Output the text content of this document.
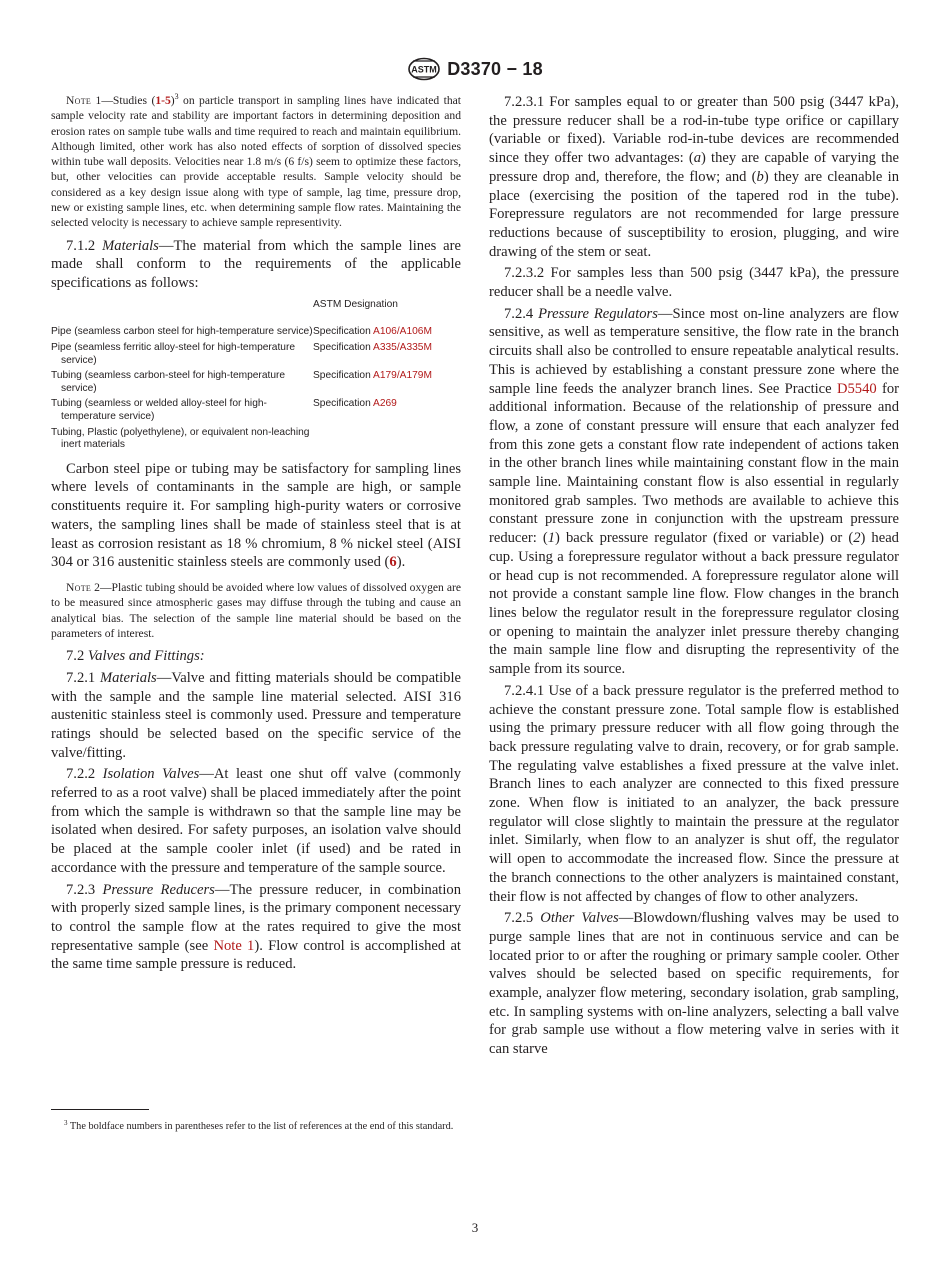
ASTM D3370 − 18

Note 1—Studies $(1-5)^3$ on particle transport in sampling lines have indicated that sample velocity rate and stability are important factors in determining deposition and erosion rates on sample tube walls and time required to reach and maintain equilibrium. Although limited, other work has also noted effects of sorption of dissolved species within tube wall deposits. Velocities near 1.8 m/s (6 f/s) seem to optimize these factors, but, other velocities can provide acceptable results. Sample velocity should be considered as a key design issue along with type of sample, lag time, pressure drop, new or existing sample lines, etc. when determining sample flow rates. Maintaining the selected velocity is necessary to achieve sample representivity.

7.1.2 Materials—The material from which the sample lines are made shall conform to the requirements of the applicable specifications as follows:

ASTM Designation
Pipe (seamless carbon steel for high-temperature service) Specification A106/A106M
Pipe (seamless ferritic alloy-steel for high-temperature service)
Specification A335/A335M
Tubing (seamless carbon-steel for high-temperature service)
Specification A179/A179M
Tubing (seamless or welded alloy-steel for high-temperature service)
Specification A269
Tubing, Plastic (polyethylene), or equivalent non-leaching inert materials

Carbon steel pipe or tubing may be satisfactory for sampling lines where levels of contaminants in the sample are high, or sample constituents require it. For sampling high-purity waters or corrosive waters, the sampling lines shall be made of stainless steel that is at least as corrosion resistant as 18 % chromium, 8 % nickel steel (AISI 304 or 316 austenitic stainless steels are commonly used (6).

Note 2—Plastic tubing should be avoided where low values of dissolved oxygen are to be measured since atmospheric gases may diffuse through the tubing and cause an analytical bias. The selection of the sample line material should be based on the parameters of interest.

7.2 Valves and Fittings:

7.2.1 Materials—Valve and fitting materials should be compatible with the sample and the sample line material selected. AISI 316 austenitic stainless steel is commonly used. Pressure and temperature ratings should be selected based on the specific service of the valve/fitting.

7.2.2 Isolation Valves—At least one shut off valve (commonly referred to as a root valve) shall be placed immediately after the point from which the sample is withdrawn so that the sample line may be isolated when desired. For safety purposes, an isolation valve should be placed at the sample cooler inlet (if used) and be rated in accordance with the pressure and temperature of the sample source.

7.2.3 Pressure Reducers—The pressure reducer, in combination with properly sized sample lines, is the primary component necessary to control the sample flow at the rates required to give the most representative sample (see Note 1). Flow control is accomplished at the same time sample pressure is reduced.

7.2.3.1 For samples equal to or greater than 500 psig (3447 kPa), the pressure reducer shall be a rod-in-tube type orifice or capillary (variable or fixed). Variable rod-in-tube devices are recommended since they offer two advantages: (a) they are capable of varying the pressure drop and, therefore, the flow; and (b) they are cleanable in place (exercising the position of the tapered rod in the tube). Forepressure regulators are not recommended for large pressure reductions because of susceptibility to erosion, plugging, and wire drawing of the stem or seat.

7.2.3.2 For samples less than 500 psig (3447 kPa), the pressure reducer shall be a needle valve.

7.2.4 Pressure Regulators—Since most on-line analyzers are flow sensitive, as well as temperature sensitive, the flow rate in the branch circuits shall also be controlled to ensure repeatable analytical results. This is achieved by establishing a constant pressure zone where the sample line feeds the analyzer branch lines. See Practice D5540 for additional information. Because of the relationship of pressure and flow, a zone of constant pressure will ensure that each analyzer fed from this zone gets a constant flow rate independent of actions taken in the other branch lines while maintaining constant flow in the main sample line. Maintaining constant flow is also essential in regularly monitored grab samples. Two methods are available to achieve this constant pressure zone in conjunction with the upstream pressure reducer: (1) back pressure regulator (fixed or variable) or (2) head cup. Using a forepressure regulator without a back pressure regulator or head cup is not recommended. A forepressure regulator alone will not provide a constant sample line flow. Flow changes in the branch lines below the regulator result in the forepressure regulator closing or opening to maintain the analyzer inlet pressure thereby changing the main sample line flow and disrupting the representivity of the sample from its source.

7.2.4.1 Use of a back pressure regulator is the preferred method to achieve the constant pressure zone. Total sample flow is established using the primary pressure reducer with all flow going through the back pressure regulating valve to drain, recovery, or for grab sample. The regulating valve establishes a fixed pressure at the valve inlet. Branch lines to each analyzer are connected to this fixed pressure zone. When flow is initiated to an analyzer, the back pressure regulator will close slightly to maintain the pressure at the regulator inlet. Similarly, when flow to an analyzer is shut off, the regulator will open to accommodate the increased flow. Since the pressure at the branch connections to the other analyzers is maintained constant, their flow is not affected by changes of flow to other analyzers.

7.2.5 Other Valves—Blowdown/flushing valves may be used to purge sample lines that are not in continuous service and can be located prior to or after the roughing or primary sample cooler. Other valves should be selected based on specific requirements, for example, analyzer flow metering, secondary isolation, grab sampling, etc. In sampling systems with on-line analyzers, selecting a ball valve for grab sample use without a flow metering valve in series with it can starve

$^3$ The boldface numbers in parentheses refer to the list of references at the end of this standard.

3
